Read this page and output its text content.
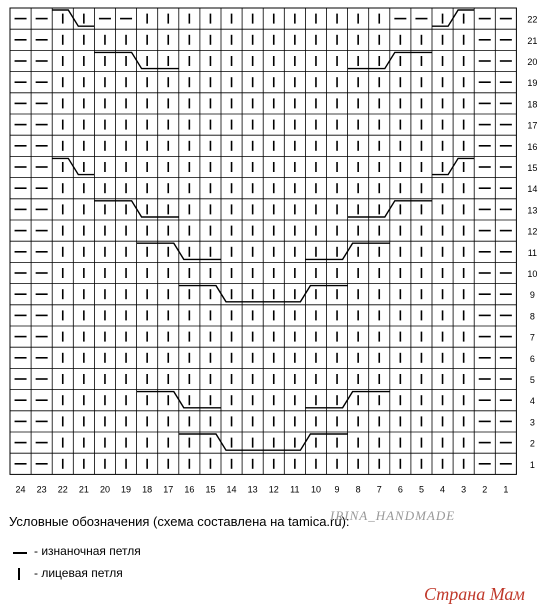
1
2
3
4
5
6
7
8
9
10
11
12
13
14
15
16
17
18
19
20
21
22
24 23 22 21 20 19 18 17 16 15 14 13 12 11 10 9 8 7 6 5 4 3 2 1
Условные обозначения (схема составлена на tamica.ru):
IRINA_HANDMADE
- изнаночная петля
- лицевая петля
Страна Мам
